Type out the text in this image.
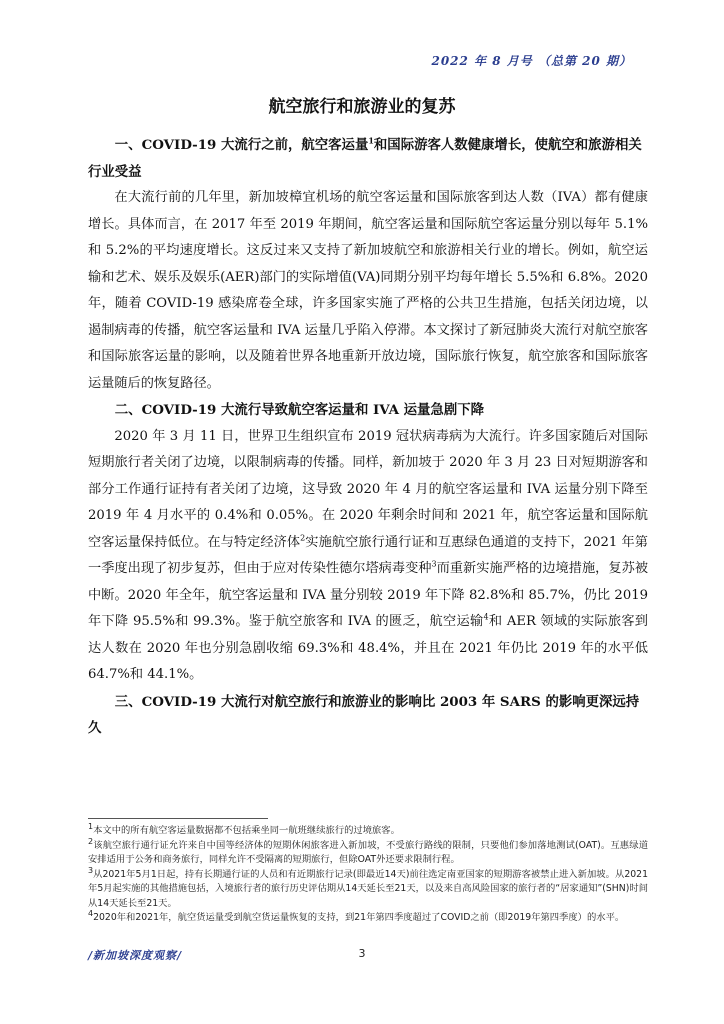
2022 年 8 月号 （总第 20 期）
航空旅行和旅游业的复苏
一、COVID-19 大流行之前，航空客运量$^1$和国际游客人数健康增长，使航空和旅游相关行业受益

在大流行前的几年里，新加坡樟宜机场的航空客运量和国际旅客到达人数（IVA）都有健康增长。具体而言，在 2017 年至 2019 年期间，航空客运量和国际航空客运量分别以每年 5.1%和 5.2%的平均速度增长。这反过来又支持了新加坡航空和旅游相关行业的增长。例如，航空运输和艺术、娱乐及娱乐(AER)部门的实际增值(VA)同期分别平均每年增长 5.5%和 6.8%。2020 年，随着 COVID-19 感染席卷全球，许多国家实施了严格的公共卫生措施，包括关闭边境，以遏制病毒的传播，航空客运量和 IVA 运量几乎陷入停滞。本文探讨了新冠肺炎大流行对航空旅客和国际旅客运量的影响，以及随着世界各地重新开放边境，国际旅行恢复，航空旅客和国际旅客运量随后的恢复路径。

二、COVID-19 大流行导致航空客运量和 IVA 运量急剧下降

2020 年 3 月 11 日，世界卫生组织宣布 2019 冠状病毒病为大流行。许多国家随后对国际短期旅行者关闭了边境，以限制病毒的传播。同样，新加坡于 2020 年 3 月 23 日对短期游客和部分工作通行证持有者关闭了边境，这导致 2020 年 4 月的航空客运量和 IVA 运量分别下降至 2019 年 4 月水平的 0.4%和 0.05%。在 2020 年剩余时间和 2021 年，航空客运量和国际航空客运量保持低位。在与特定经济体$^2$实施航空旅行通行证和互惠绿色通道的支持下，2021 年第一季度出现了初步复苏，但由于应对传染性德尔塔病毒变种$^3$而重新实施严格的边境措施，复苏被中断。2020 年全年，航空客运量和 IVA 量分别较 2019 年下降 82.8%和 85.7%，仍比 2019 年下降 95.5%和 99.3%。鉴于航空旅客和 IVA 的匮乏，航空运输$^4$和 AER 领域的实际旅客到达人数在 2020 年也分别急剧收缩 69.3%和 48.4%，并且在 2021 年仍比 2019 年的水平低 64.7%和 44.1%。

三、COVID-19 大流行对航空旅行和旅游业的影响比 2003 年 SARS 的影响更深远持久

$^1$本文中的所有航空客运量数据都不包括乘坐同一航班继续旅行的过境旅客。

$^2$该航空旅行通行证允许来自中国等经济体的短期休闲旅客进入新加坡，不受旅行路线的限制，只要他们参加落地测试(OAT)。互惠绿道安排适用于公务和商务旅行，同样允许不受隔离的短期旅行，但除OAT外还要求限制行程。

$^3$从2021年5月1日起，持有长期通行证的人员和有近期旅行记录(即最近14天)前往选定南亚国家的短期游客被禁止进入新加坡。从2021年5月起实施的其他措施包括，入境旅行者的旅行历史评估期从14天延长至21天，以及来自高风险国家的旅行者的“居家通知”(SHN)时间从14天延长至21天。

$^4$2020年和2021年，航空货运量受到航空货运量恢复的支持，到21年第四季度超过了COVID之前（即2019年第四季度）的水平。

/新加坡深度观察/	3
